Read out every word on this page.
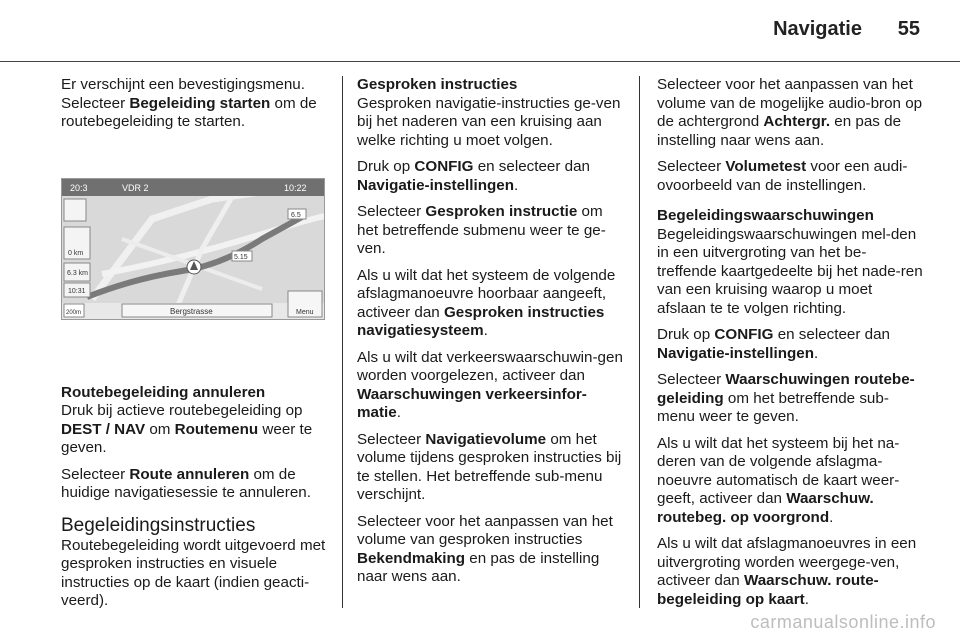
Navigatie 55

Er verschijnt een bevestigingsmenu. Selecteer Begeleiding starten om de routebegeleiding te starten.

20:3	VDR 2	10:22
0 km
6.3 km
10:31
6.5
5.15
200m	Bergstrasse	Menu
Routebegeleiding annuleren

Druk bij actieve routebegeleiding op DEST / NAV om Routemenu weer te geven.

Selecteer Route annuleren om de huidige navigatiesessie te annuleren.

Begeleidingsinstructies

Routebegeleiding wordt uitgevoerd met gesproken instructies en visuele instructies op de kaart (indien geacti-veerd).

Gesproken instructies

Gesproken navigatie-instructies ge-ven bij het naderen van een kruising aan welke richting u moet volgen.

Druk op CONFIG en selecteer dan Navigatie-instellingen.

Selecteer Gesproken instructie om het betreffende submenu weer te ge-ven.

Als u wilt dat het systeem de volgende afslagmanoeuvre hoorbaar aangeeft, activeer dan Gesproken instructies navigatiesysteem.

Als u wilt dat verkeerswaarschuwin-gen worden voorgelezen, activeer dan Waarschuwingen verkeersinfor-matie.

Selecteer Navigatievolume om het volume tijdens gesproken instructies bij te stellen. Het betreffende sub-menu verschijnt.

Selecteer voor het aanpassen van het volume van gesproken instructies Bekendmaking en pas de instelling naar wens aan.

Selecteer voor het aanpassen van het volume van de mogelijke audio-bron op de achtergrond Achtergr. en pas de instelling naar wens aan.

Selecteer Volumetest voor een audi-ovoorbeeld van de instellingen.

Begeleidingswaarschuwingen

Begeleidingswaarschuwingen mel-den in een uitvergroting van het be-treffende kaartgedeelte bij het nade-ren van een kruising waarop u moet afslaan te te volgen richting.

Druk op CONFIG en selecteer dan Navigatie-instellingen.

Selecteer Waarschuwingen routebe-geleiding om het betreffende sub-menu weer te geven.

Als u wilt dat het systeem bij het na-deren van de volgende afslagma-noeuvre automatisch de kaart weer-geeft, activeer dan Waarschuw. routebeg. op voorgrond.

Als u wilt dat afslagmanoeuvres in een uitvergroting worden weergege-ven, activeer dan Waarschuw. route-begeleiding op kaart.

carmanualsonline.info
